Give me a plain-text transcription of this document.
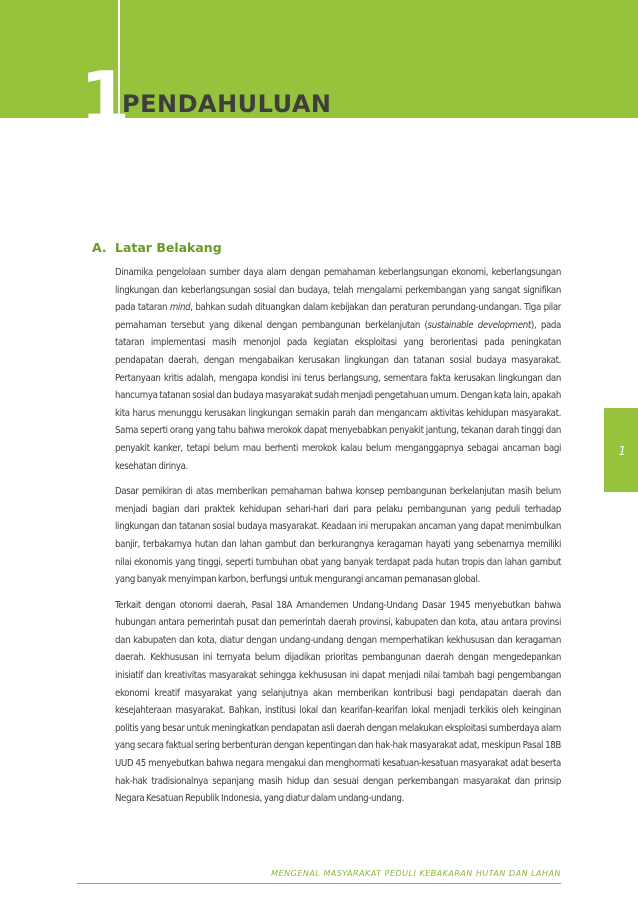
1
PENDAHULUAN
1
A. Latar Belakang

Dinamika pengelolaan sumber daya alam dengan pemahaman keberlangsungan ekonomi, keberlangsungan lingkungan dan keberlangsungan sosial dan budaya, telah mengalami perkembangan yang sangat signifikan pada tataran mind, bahkan sudah dituangkan dalam kebijakan dan peraturan perundang-undangan. Tiga pilar pemahaman tersebut yang dikenal dengan pembangunan berkelanjutan (sustainable development), pada tataran implementasi masih menonjol pada kegiatan eksploitasi yang berorientasi pada peningkatan pendapatan daerah, dengan mengabaikan kerusakan lingkungan dan tatanan sosial budaya masyarakat. Pertanyaan kritis adalah, mengapa kondisi ini terus berlangsung, sementara fakta kerusakan lingkungan dan hancurnya tatanan sosial dan budaya masyarakat sudah menjadi pengetahuan umum. Dengan kata lain, apakah kita harus menunggu kerusakan lingkungan semakin parah dan mengancam aktivitas kehidupan masyarakat. Sama seperti orang yang tahu bahwa merokok dapat menyebabkan penyakit jantung, tekanan darah tinggi dan penyakit kanker, tetapi belum mau berhenti merokok kalau belum menganggapnya sebagai ancaman bagi kesehatan dirinya.

Dasar pemikiran di atas memberikan pemahaman bahwa konsep pembangunan berkelanjutan masih belum menjadi bagian dari praktek kehidupan sehari-hari dari para pelaku pembangunan yang peduli terhadap lingkungan dan tatanan sosial budaya masyarakat. Keadaan ini merupakan ancaman yang dapat menimbulkan banjir, terbakarnya hutan dan lahan gambut dan berkurangnya keragaman hayati yang sebenarnya memiliki nilai ekonomis yang tinggi, seperti tumbuhan obat yang banyak terdapat pada hutan tropis dan lahan gambut yang banyak menyimpan karbon, berfungsi untuk mengurangi ancaman pemanasan global.

Terkait dengan otonomi daerah, Pasal 18A Amandemen Undang-Undang Dasar 1945 menyebutkan bahwa hubungan antara pemerintah pusat dan pemerintah daerah provinsi, kabupaten dan kota, atau antara provinsi dan kabupaten dan kota, diatur dengan undang-undang dengan memperhatikan kekhususan dan keragaman daerah. Kekhususan ini ternyata belum dijadikan prioritas pembangunan daerah dengan mengedepankan inisiatif dan kreativitas masyarakat sehingga kekhususan ini dapat menjadi nilai tambah bagi pengembangan ekonomi kreatif masyarakat yang selanjutnya akan memberikan kontribusi bagi pendapatan daerah dan kesejahteraan masyarakat. Bahkan, institusi lokal dan kearifan-kearifan lokal menjadi terkikis oleh keinginan politis yang besar untuk meningkatkan pendapatan asli daerah dengan melakukan eksploitasi sumberdaya alam yang secara faktual sering berbenturan dengan kepentingan dan hak-hak masyarakat adat, meskipun Pasal 18B UUD 45 menyebutkan bahwa negara mengakui dan menghormati kesatuan-kesatuan masyarakat adat beserta hak-hak tradisionalnya sepanjang masih hidup dan sesuai dengan perkembangan masyarakat dan prinsip Negara Kesatuan Republik Indonesia, yang diatur dalam undang-undang.

MENGENAL MASYARAKAT PEDULI KEBAKARAN HUTAN DAN LAHAN
